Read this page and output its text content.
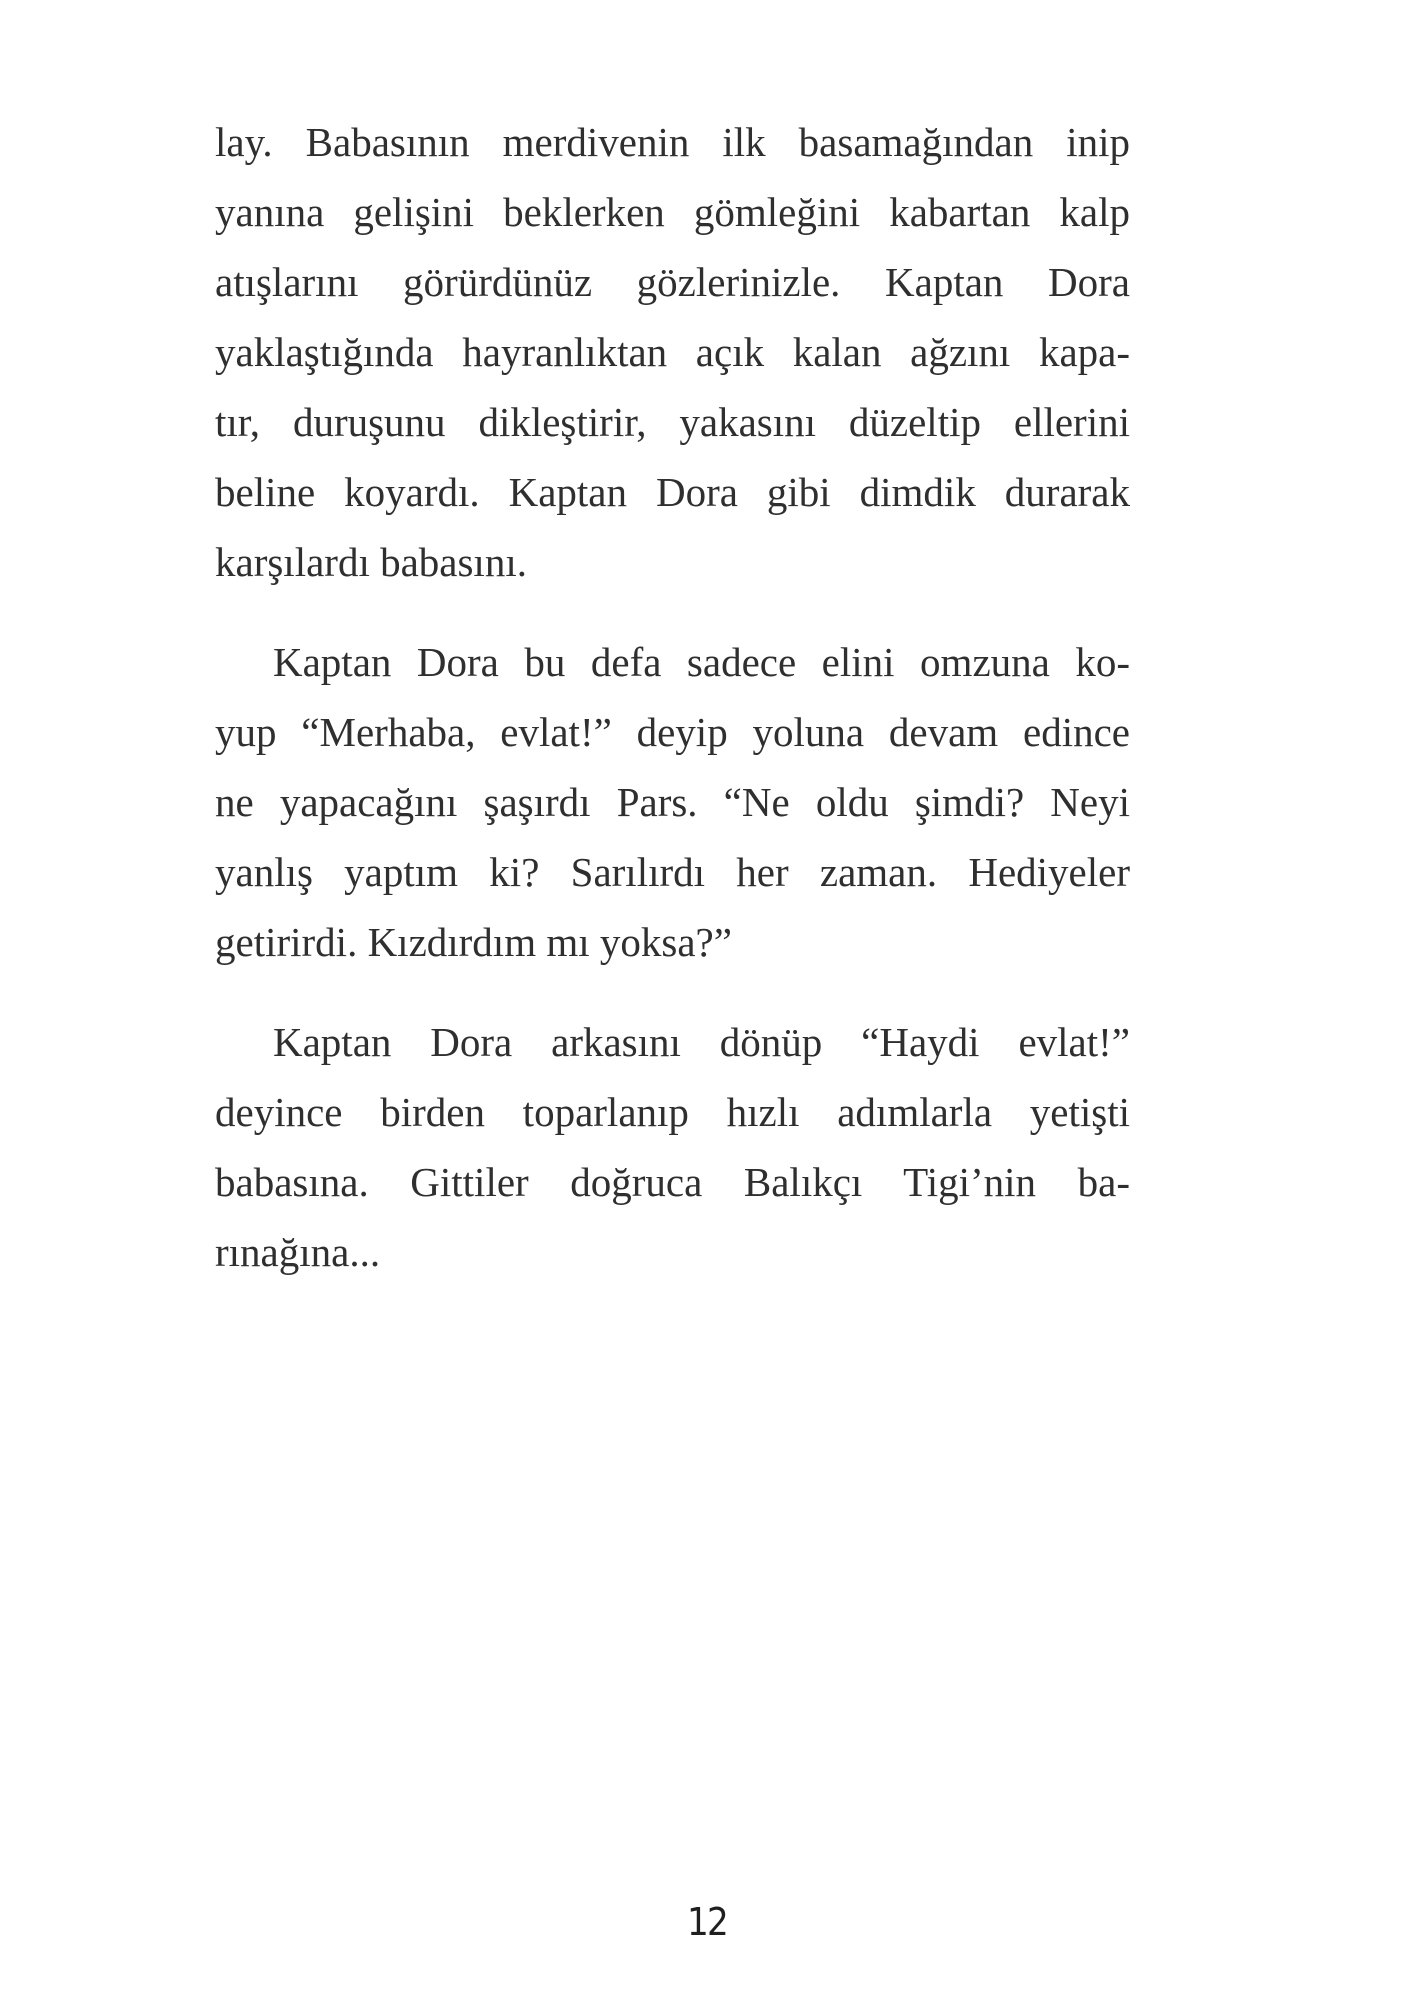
lay. Babasının merdivenin ilk basamağından inip
yanına gelişini beklerken gömleğini kabartan kalp
atışlarını görürdünüz gözlerinizle. Kaptan Dora
yaklaştığında hayranlıktan açık kalan ağzını kapa-
tır, duruşunu dikleştirir, yakasını düzeltip ellerini
beline koyardı. Kaptan Dora gibi dimdik durarak
karşılardı babasını.
Kaptan Dora bu defa sadece elini omzuna ko-
yup “Merhaba, evlat!” deyip yoluna devam edince
ne yapacağını şaşırdı Pars. “Ne oldu şimdi? Neyi
yanlış yaptım ki? Sarılırdı her zaman. Hediyeler
getirirdi. Kızdırdım mı yoksa?”
Kaptan Dora arkasını dönüp “Haydi evlat!”
deyince birden toparlanıp hızlı adımlarla yetişti
babasına. Gittiler doğruca Balıkçı Tigi’nin ba-
rınağına...
12
